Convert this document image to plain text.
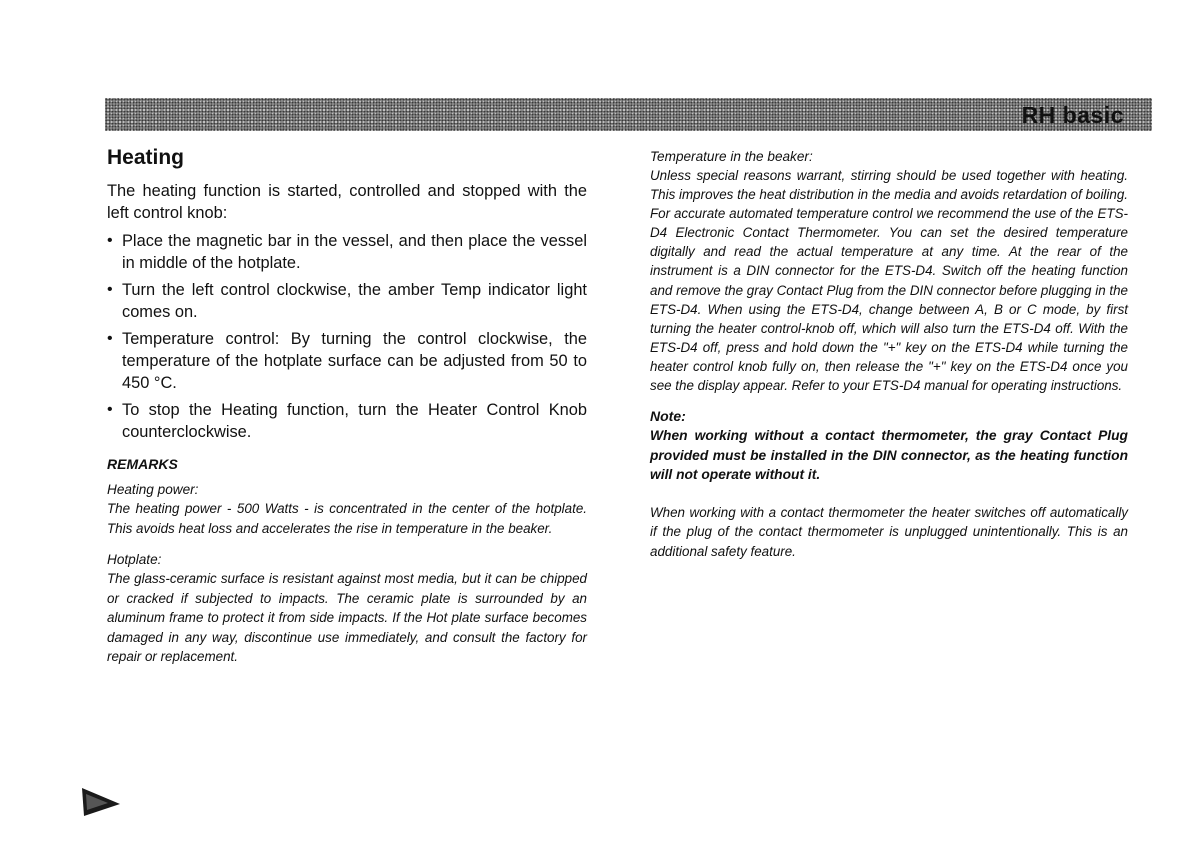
RH basic
Heating

The heating function is started, controlled and stopped with the left control knob:

• Place the magnetic bar in the vessel, and then place the vessel in middle of the hotplate.
• Turn the left control clockwise, the amber Temp indicator light comes on.
• Temperature control: By turning the control clockwise, the temperature of the hotplate surface can be adjusted from 50 to 450 °C.
• To stop the Heating function, turn the Heater Control Knob counterclockwise.
REMARKS
Heating power:
The heating power - 500 Watts - is concentrated in the center of the hotplate. This avoids heat loss and accelerates the rise in temperature in the beaker.
Hotplate:
The glass-ceramic surface is resistant against most media, but it can be chipped or cracked if subjected to impacts. The ceramic plate is surrounded by an aluminum frame to protect it from side impacts. If the Hot plate surface becomes damaged in any way, discontinue use immediately, and consult the factory for repair or replacement.
Temperature in the beaker:
Unless special reasons warrant, stirring should be used together with heating. This improves the heat distribution in the media and avoids retardation of boiling. For accurate automated temperature control we recommend the use of the ETS-D4 Electronic Contact Thermometer. You can set the desired temperature digitally and read the actual temperature at any time. At the rear of the instrument is a DIN connector for the ETS-D4. Switch off the heating function and remove the gray Contact Plug from the DIN connector before plugging in the ETS-D4. When using the ETS-D4, change between A, B or C mode, by first turning the heater control-knob off, which will also turn the ETS-D4 off. With the ETS-D4 off, press and hold down the "+" key on the ETS-D4 while turning the heater control knob fully on, then release the "+" key on the ETS-D4 once you see the display appear. Refer to your ETS-D4 manual for operating instructions.
Note:
When working without a contact thermometer, the gray Contact Plug provided must be installed in the DIN connector, as the heating function will not operate without it.
When working with a contact thermometer the heater switches off automatically if the plug of the contact thermometer is unplugged unintentionally. This is an additional safety feature.
